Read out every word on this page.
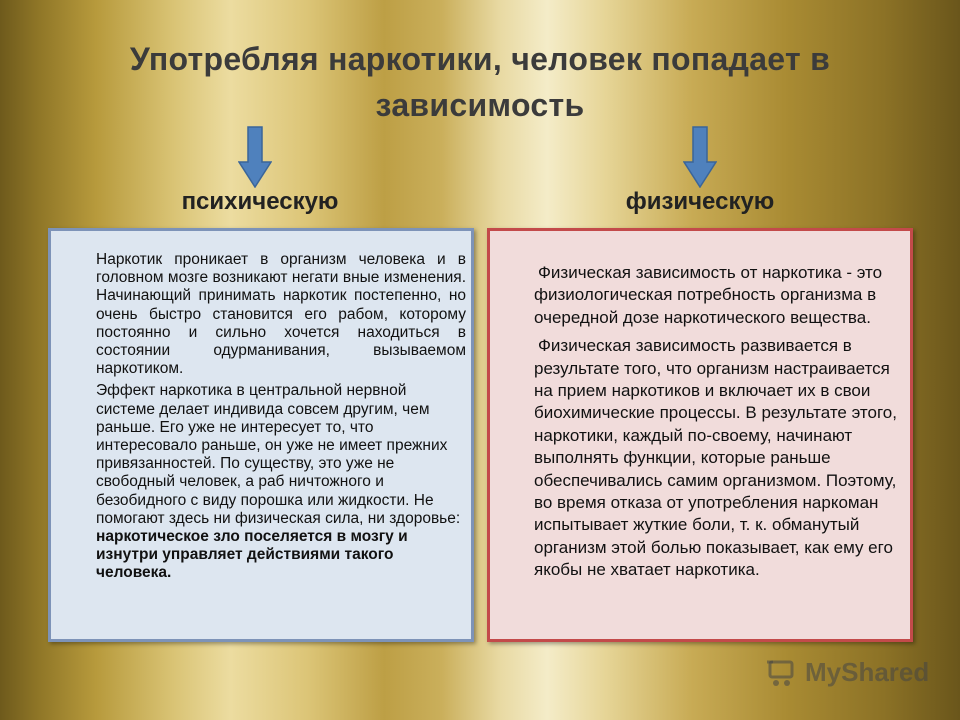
Употребляя наркотики, человек попадает в зависимость
психическую	физическую

Наркотик проникает в организм человека и в головном мозге возникают негати вные изменения. Начинающий принимать наркотик постепенно, но очень быстро становится его рабом, которому постоянно и сильно хочется находиться в состоянии одурманивания, вызываемом наркотиком.

Эффект наркотика в центральной нервной системе делает индивида совсем другим, чем раньше. Его уже не интересует то, что интересовало раньше, он уже не имеет прежних привязанностей. По существу, это уже не свободный человек, а раб ничтожного и безобидного с виду порошка или жидкости. Не помогают здесь ни физическая сила, ни здоровье: наркотическое зло поселяется в мозгу и изнутри управляет действиями такого человека.

Физическая зависимость от наркотика - это физиологическая потребность организма в очередной дозе наркотического вещества.

Физическая зависимость развивается в результате того, что организм настраивается на прием наркотиков и включает их в свои биохимические процессы. В результате этого, наркотики, каждый по-своему, начинают выполнять функции, которые раньше обеспечивались самим организмом. Поэтому, во время отказа от употребления наркоман испытывает жуткие боли, т. к. обманутый организм этой болью показывает, как ему его якобы не хватает наркотика.

MyShared
